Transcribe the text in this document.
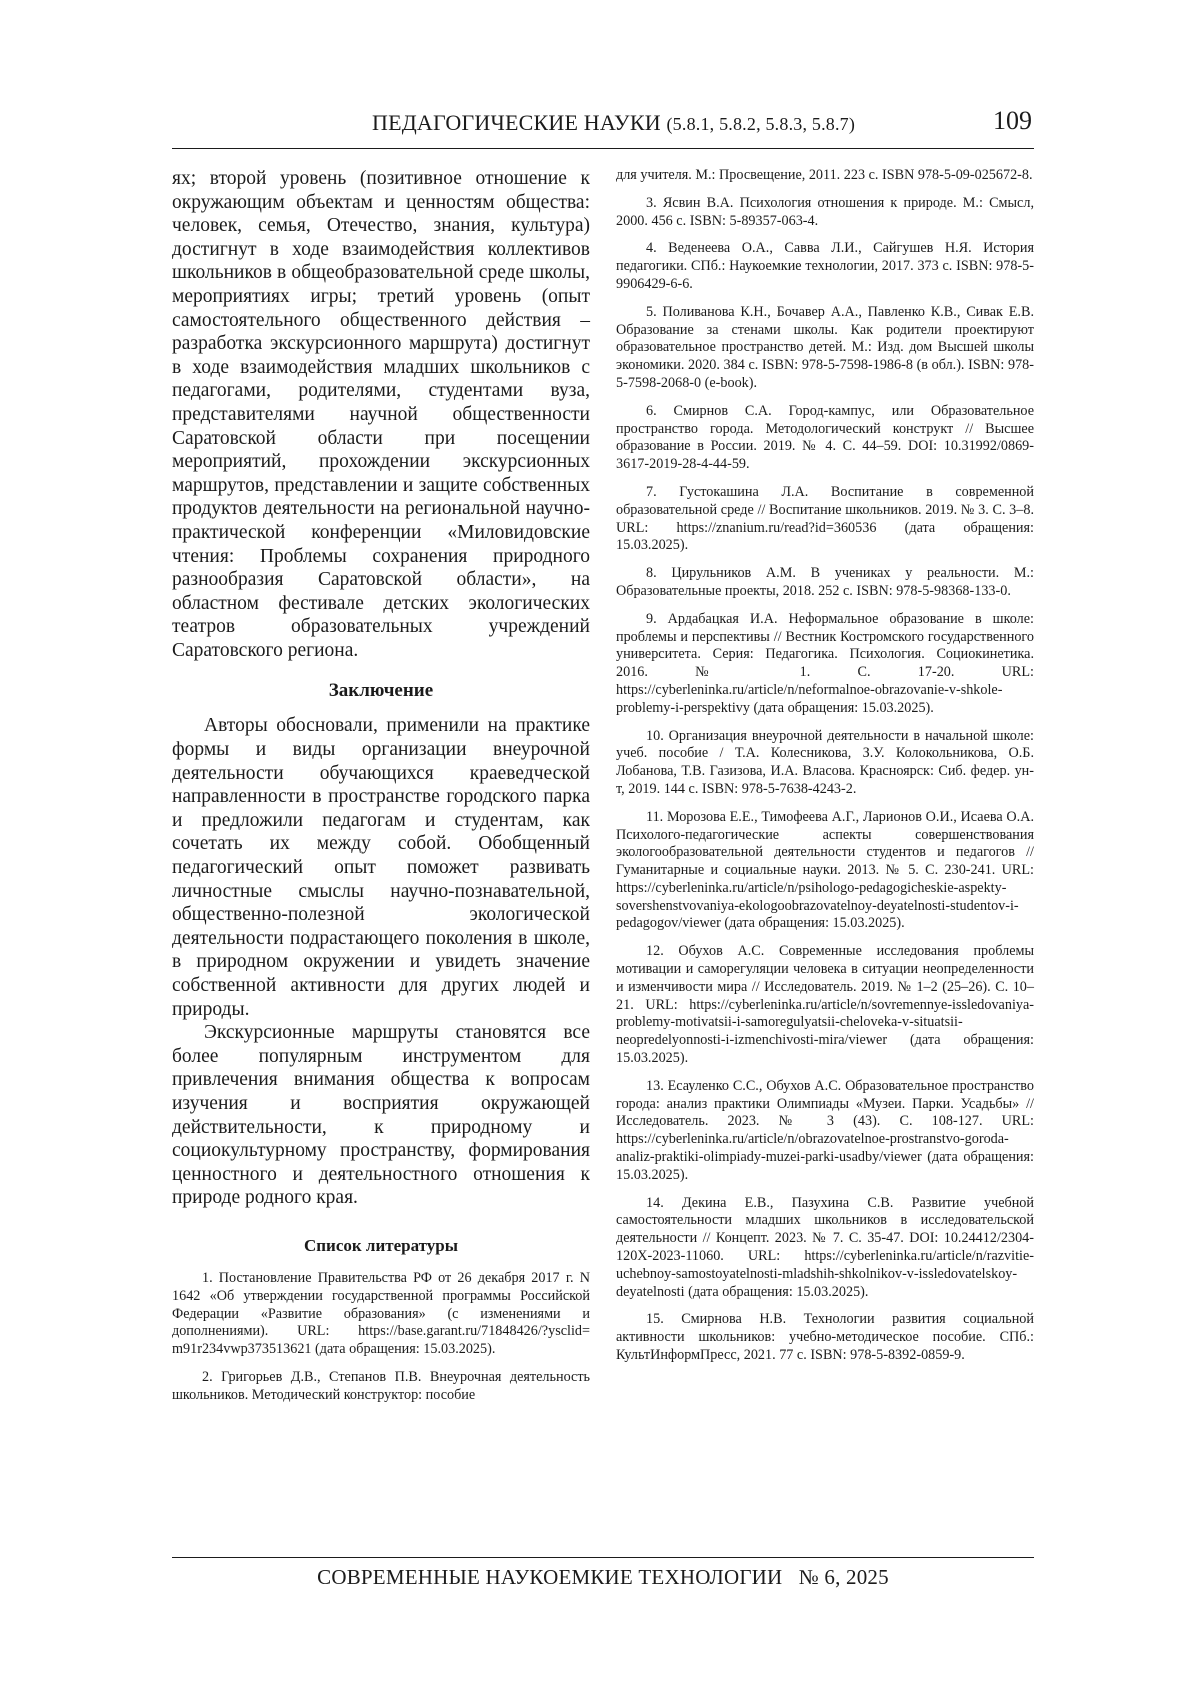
ПЕДАГОГИЧЕСКИЕ НАУКИ (5.8.1, 5.8.2, 5.8.3, 5.8.7)	109

ях; второй уровень (позитивное отношение к окружающим объектам и ценностям общества: человек, семья, Отечество, знания, культура) достигнут в ходе взаимодействия коллективов школьников в общеобразовательной среде школы, мероприятиях игры; третий уровень (опыт самостоятельного общественного действия – разработка экскурсионного маршрута) достигнут в ходе взаимодействия младших школьников с педагогами, родителями, студентами вуза, представителями научной общественности Саратовской области при посещении мероприятий, прохождении экскурсионных маршрутов, представлении и защите собственных продуктов деятельности на региональной научно-практической конференции «Миловидовские чтения: Проблемы сохранения природного разнообразия Саратовской области», на областном фестивале детских экологических театров образовательных учреждений Саратовского региона.

Заключение

Авторы обосновали, применили на практике формы и виды организации внеурочной деятельности обучающихся краеведческой направленности в пространстве городского парка и предложили педагогам и студентам, как сочетать их между собой. Обобщенный педагогический опыт поможет развивать личностные смыслы научно-познавательной, общественно-полезной экологической деятельности подрастающего поколения в школе, в природном окружении и увидеть значение собственной активности для других людей и природы.

Экскурсионные маршруты становятся все более популярным инструментом для привлечения внимания общества к вопросам изучения и восприятия окружающей действительности, к природному и социокультурному пространству, формирования ценностного и деятельностного отношения к природе родного края.

Список литературы

1. Постановление Правительства РФ от 26 декабря 2017 г. N 1642 «Об утверждении государственной программы Российской Федерации «Развитие образования» (с изменениями и дополнениями). URL: https://base.garant.ru/71848426/?ysclid= m91r234vwp373513621 (дата обращения: 15.03.2025).

2. Григорьев Д.В., Степанов П.В. Внеурочная деятельность школьников. Методический конструктор: пособие

для учителя. М.: Просвещение, 2011. 223 с. ISBN 978-5-09-025672-8.

3. Ясвин В.А. Психология отношения к природе. М.: Смысл, 2000. 456 с. ISBN: 5-89357-063-4.

4. Веденеева О.А., Савва Л.И., Сайгушев Н.Я. История педагогики. СПб.: Наукоемкие технологии, 2017. 373 с. ISBN: 978-5-9906429-6-6.

5. Поливанова К.Н., Бочавер А.А., Павленко К.В., Сивак Е.В. Образование за стенами школы. Как родители проектируют образовательное пространство детей. М.: Изд. дом Высшей школы экономики. 2020. 384 с. ISBN: 978-5-7598-1986-8 (в обл.). ISBN: 978-5-7598-2068-0 (e-book).

6. Смирнов С.А. Город-кампус, или Образовательное пространство города. Методологический конструкт // Высшее образование в России. 2019. № 4. С. 44–59. DOI: 10.31992/0869-3617-2019-28-4-44-59.

7. Густокашина Л.А. Воспитание в современной образовательной среде // Воспитание школьников. 2019. № 3. С. 3–8. URL: https://znanium.ru/read?id=360536 (дата обращения: 15.03.2025).

8. Цирульников А.М. В учениках у реальности. М.: Образовательные проекты, 2018. 252 с. ISBN: 978-5-98368-133-0.

9. Ардабацкая И.А. Неформальное образование в школе: проблемы и перспективы // Вестник Костромского государственного университета. Серия: Педагогика. Психология. Социокинетика. 2016. № 1. С. 17-20. URL: https://cyberleninka.ru/article/n/neformalnoe-obrazovanie-v-shkole-problemy-i-perspektivy (дата обращения: 15.03.2025).

10. Организация внеурочной деятельности в начальной школе: учеб. пособие / Т.А. Колесникова, З.У. Колокольникова, О.Б. Лобанова, Т.В. Газизова, И.А. Власова. Красноярск: Сиб. федер. ун-т, 2019. 144 с. ISBN: 978-5-7638-4243-2.

11. Морозова Е.Е., Тимофеева А.Г., Ларионов О.И., Исаева О.А. Психолого-педагогические аспекты совершенствования экологообразовательной деятельности студентов и педагогов // Гуманитарные и социальные науки. 2013. № 5. С. 230-241. URL: https://cyberleninka.ru/article/n/psihologo-pedagogicheskie-aspekty-sovershenstvovaniya-ekologoobrazovatelnoy-deyatelnosti-studentov-i-pedagogov/viewer (дата обращения: 15.03.2025).

12. Обухов А.С. Современные исследования проблемы мотивации и саморегуляции человека в ситуации неопределенности и изменчивости мира // Исследователь. 2019. № 1–2 (25–26). С. 10–21. URL: https://cyberleninka.ru/article/n/sovremennye-issledovaniya-problemy-motivatsii-i-samoregulyatsii-cheloveka-v-situatsii-neopredelyonnosti-i-izmenchivosti-mira/viewer (дата обращения: 15.03.2025).

13. Есауленко С.С., Обухов А.С. Образовательное пространство города: анализ практики Олимпиады «Музеи. Парки. Усадьбы» // Исследователь. 2023. № 3 (43). С. 108-127. URL: https://cyberleninka.ru/article/n/obrazovatelnoe-prostranstvo-goroda-analiz-praktiki-olimpiady-muzei-parki-usadby/viewer (дата обращения: 15.03.2025).

14. Декина Е.В., Пазухина С.В. Развитие учебной самостоятельности младших школьников в исследовательской деятельности // Концепт. 2023. № 7. С. 35-47. DOI: 10.24412/2304-120X-2023-11060. URL: https://cyberleninka.ru/article/n/razvitie-uchebnoy-samostoyatelnosti-mladshih-shkolnikov-v-issledovatelskoy-deyatelnosti (дата обращения: 15.03.2025).

15. Смирнова Н.В. Технологии развития социальной активности школьников: учебно-методическое пособие. СПб.: КультИнформПресс, 2021. 77 с. ISBN: 978-5-8392-0859-9.

СОВРЕМЕННЫЕ НАУКОЕМКИЕ ТЕХНОЛОГИИ № 6, 2025
